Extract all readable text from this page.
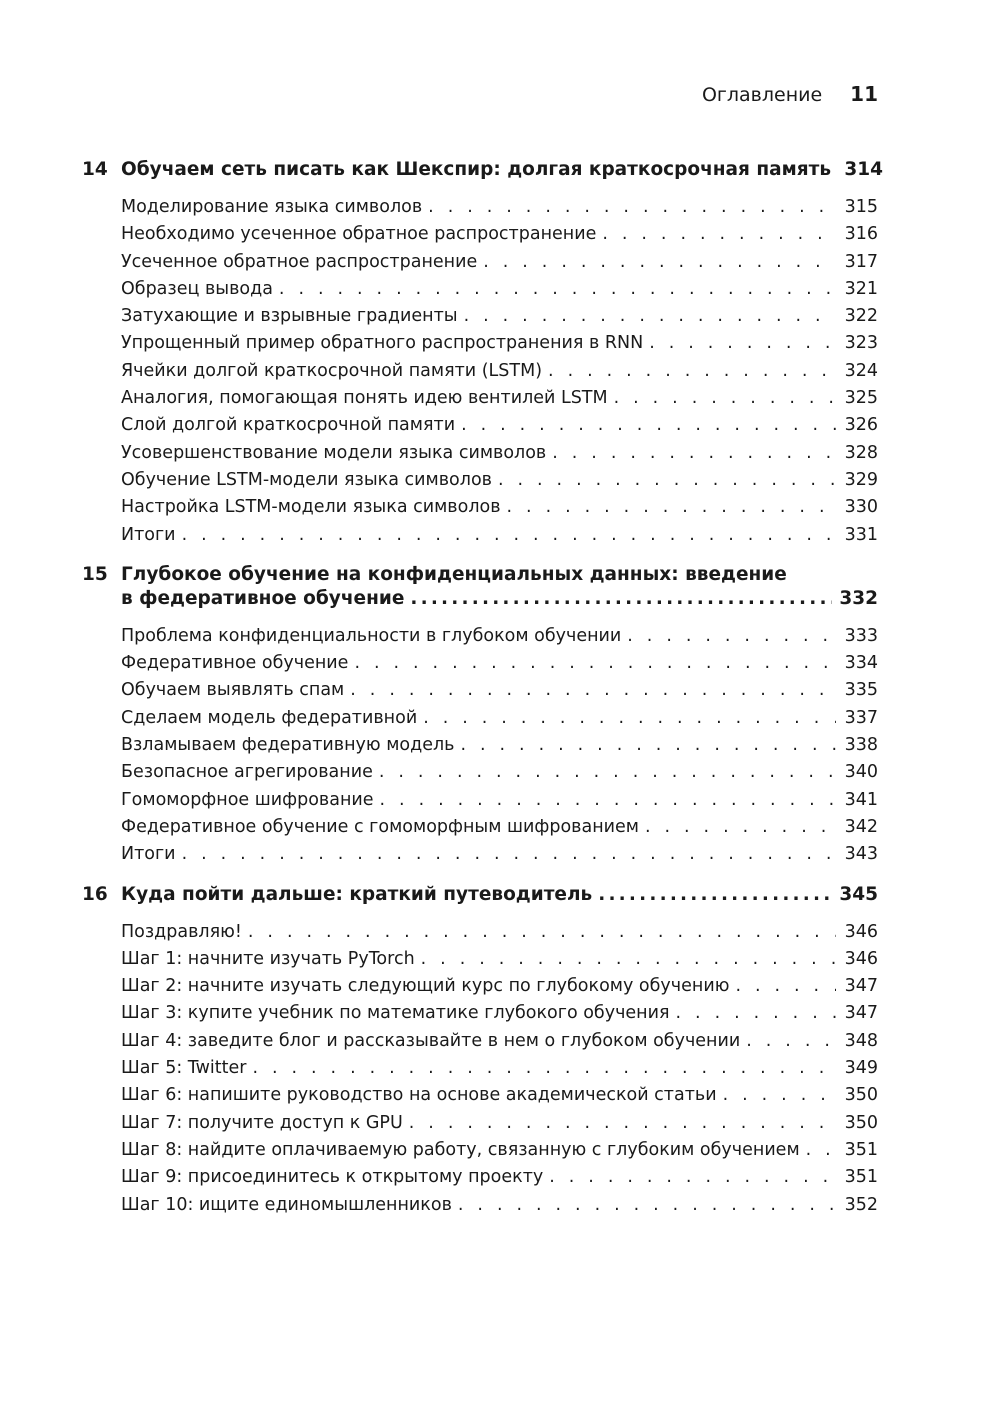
Оглавление 11
14 Обучаем сеть писать как Шекспир: долгая краткосрочная память 314
Моделирование языка символов . . .	315
Необходимо усеченное обратное распространение . . .	316
Усеченное обратное распространение . . .	317
Образец вывода . . .	321
Затухающие и взрывные градиенты . . .	322
Упрощенный пример обратного распространения в RNN . . .	323
Ячейки долгой краткосрочной памяти (LSTM) . . .	324
Аналогия, помогающая понять идею вентилей LSTM . . .	325
Слой долгой краткосрочной памяти . . .	326
Усовершенствование модели языка символов . . .	328
Обучение LSTM-модели языка символов . . .	329
Настройка LSTM-модели языка символов . . .	330
Итоги . . .	331
15 Глубокое обучение на конфиденциальных данных: введение
в федеративное обучение .....	332
Проблема конфиденциальности в глубоком обучении . . .	333
Федеративное обучение . . .	334
Обучаем выявлять спам . . .	335
Сделаем модель федеративной . . .	337
Взламываем федеративную модель . . .	338
Безопасное агрегирование . . .	340
Гомоморфное шифрование . . .	341
Федеративное обучение с гомоморфным шифрованием . . .	342
Итоги . . .	343
16 Куда пойти дальше: краткий путеводитель .....	345
Поздравляю! . . .	346
Шаг 1: начните изучать PyTorch . . .	346
Шаг 2: начните изучать следующий курс по глубокому обучению . . .	347
Шаг 3: купите учебник по математике глубокого обучения . . .	347
Шаг 4: заведите блог и рассказывайте в нем о глубоком обучении . . .	348
Шаг 5: Twitter . . .	349
Шаг 6: напишите руководство на основе академической статьи . . .	350
Шаг 7: получите доступ к GPU . . .	350
Шаг 8: найдите оплачиваемую работу, связанную с глубоким обучением . . .	351
Шаг 9: присоединитесь к открытому проекту . . .	351
Шаг 10: ищите единомышленников . . .	352
